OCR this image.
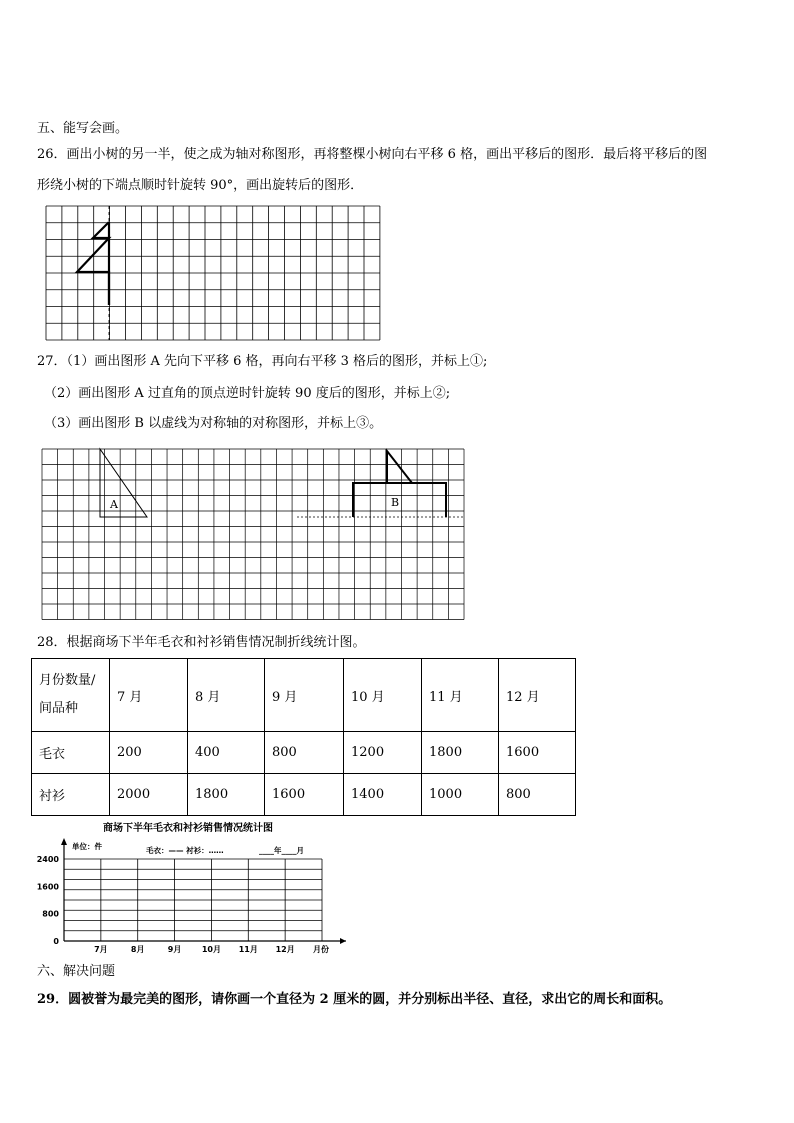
五、能写会画。
26．画出小树的另一半，使之成为轴对称图形，再将整棵小树向右平移 6 格，画出平移后的图形．最后将平移后的图
形绕小树的下端点顺时针旋转 90°，画出旋转后的图形．
27．（1）画出图形 A 先向下平移 6 格，再向右平移 3 格后的图形，并标上①;
（2）画出图形 A 过直角的顶点逆时针旋转 90 度后的图形，并标上②;
（3）画出图形 B 以虚线为对称轴的对称图形，并标上③。
A	B
28．根据商场下半年毛衣和衬衫销售情况制折线统计图。
月份数量/
间品种	7 月	8 月	9 月	10 月	11 月	12 月
毛衣	200	400	800	1200	1800	1600
衬衫	2000	1800	1600	1400	1000	800
商场下半年毛衣和衬衫销售情况统计图
单位：件	毛衣：—— 衬衫：……	____年____月
月份
0
800
1600
2400
7月	8月	9月	10月 11月 12月
六、解决问题
29．圆被誉为最完美的图形，请你画一个直径为 2 厘米的圆，并分别标出半径、直径，求出它的周长和面积。
